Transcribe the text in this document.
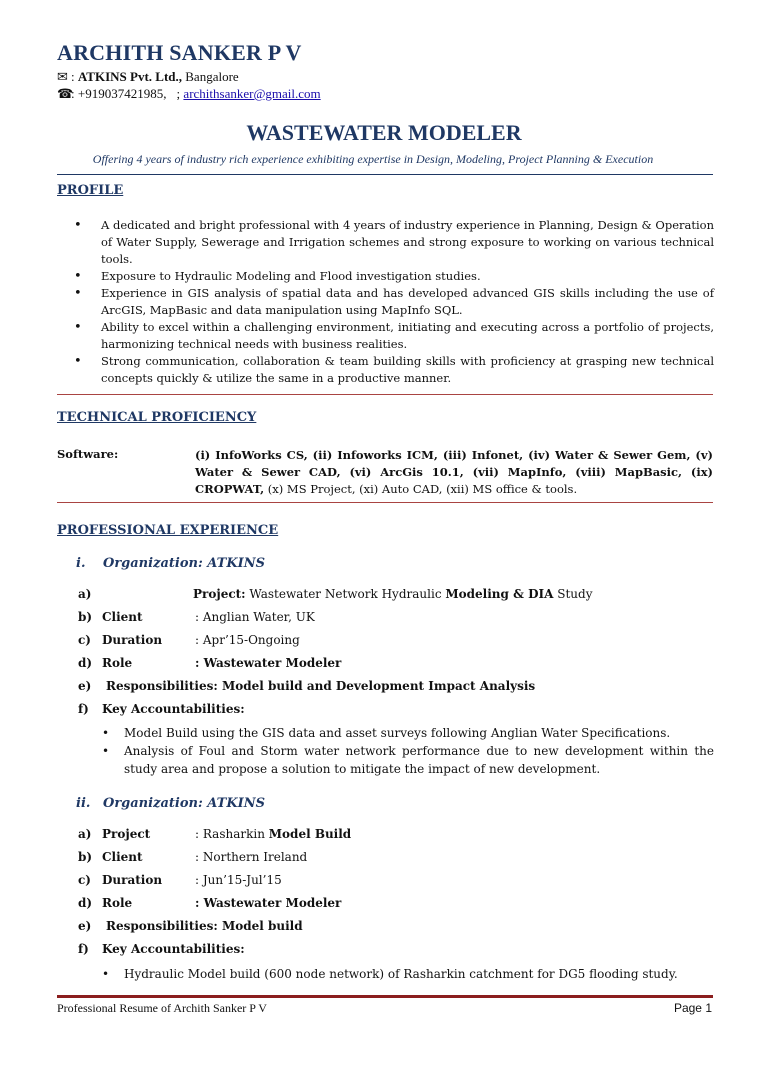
ARCHITH SANKER P V
✉ : ATKINS Pvt. Ltd., Bangalore
☎: +919037421985, ; archithsanker@gmail.com
WASTEWATER MODELER
Offering 4 years of industry rich experience exhibiting expertise in Design, Modeling, Project Planning & Execution
PROFILE
• A dedicated and bright professional with 4 years of industry experience in Planning, Design & Operation of Water Supply, Sewerage and Irrigation schemes and strong exposure to working on various technical tools.
• Exposure to Hydraulic Modeling and Flood investigation studies.
• Experience in GIS analysis of spatial data and has developed advanced GIS skills including the use of ArcGIS, MapBasic and data manipulation using MapInfo SQL.
• Ability to excel within a challenging environment, initiating and executing across a portfolio of projects, harmonizing technical needs with business realities.
• Strong communication, collaboration & team building skills with proficiency at grasping new technical concepts quickly & utilize the same in a productive manner.
TECHNICAL PROFICIENCY
Software:	(i) InfoWorks CS, (ii) Infoworks ICM, (iii) Infonet, (iv) Water & Sewer Gem, (v) Water & Sewer CAD, (vi) ArcGis 10.1, (vii) MapInfo, (viii) MapBasic, (ix) CROPWAT, (x) MS Project, (xi) Auto CAD, (xii) MS office & tools.
PROFESSIONAL EXPERIENCE
i. Organization: ATKINS
a)	Project: Wastewater Network Hydraulic Modeling & DIA Study
b) Client	: Anglian Water, UK
c) Duration	: Apr’15-Ongoing
d) Role	: Wastewater Modeler
e) Responsibilities: Model build and Development Impact Analysis
f) Key Accountabilities:
• Model Build using the GIS data and asset surveys following Anglian Water Specifications.
• Analysis of Foul and Storm water network performance due to new development within the study area and propose a solution to mitigate the impact of new development.
ii. Organization: ATKINS
a) Project	: Rasharkin Model Build
b) Client	: Northern Ireland
c) Duration	: Jun’15-Jul’15
d) Role	: Wastewater Modeler
e) Responsibilities: Model build
f) Key Accountabilities:
• Hydraulic Model build (600 node network) of Rasharkin catchment for DG5 flooding study.
Professional Resume of Archith Sanker P V	Page 1
